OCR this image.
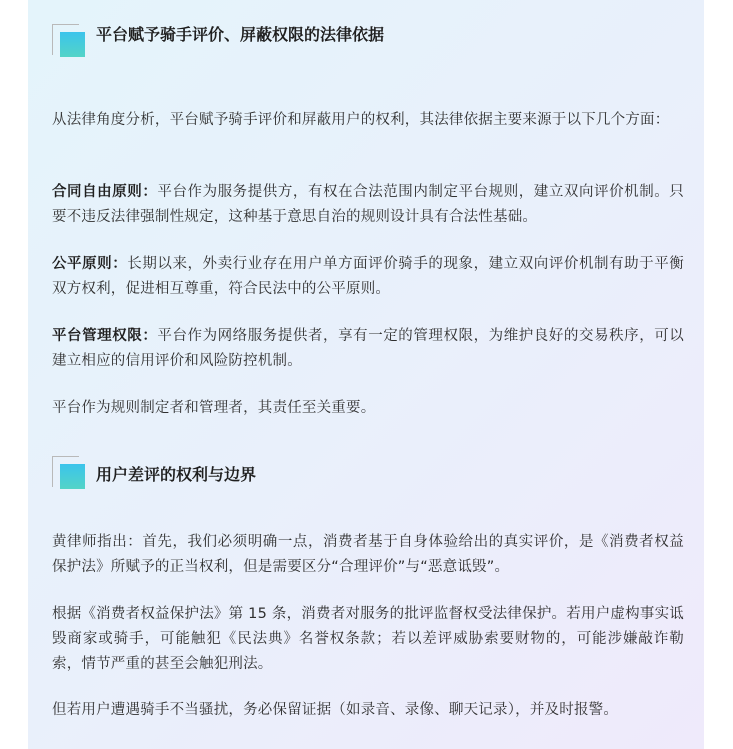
平台赋予骑手评价、屏蔽权限的法律依据

从法律角度分析，平台赋予骑手评价和屏蔽用户的权利，其法律依据主要来源于以下几个方面：

合同自由原则：平台作为服务提供方，有权在合法范围内制定平台规则，建立双向评价机制。只要不违反法律强制性规定，这种基于意思自治的规则设计具有合法性基础。

公平原则：长期以来，外卖行业存在用户单方面评价骑手的现象，建立双向评价机制有助于平衡双方权利，促进相互尊重，符合民法中的公平原则。

平台管理权限：平台作为网络服务提供者，享有一定的管理权限，为维护良好的交易秩序，可以建立相应的信用评价和风险防控机制。

平台作为规则制定者和管理者，其责任至关重要。

用户差评的权利与边界

黄律师指出：首先，我们必须明确一点，消费者基于自身体验给出的真实评价，是《消费者权益保护法》所赋予的正当权利，但是需要区分“合理评价”与“恶意诋毁”。

根据《消费者权益保护法》第 15 条，消费者对服务的批评监督权受法律保护。若用户虚构事实诋毁商家或骑手，可能触犯《民法典》名誉权条款；若以差评威胁索要财物的，可能涉嫌敲诈勒索，情节严重的甚至会触犯刑法。

但若用户遭遇骑手不当骚扰，务必保留证据（如录音、录像、聊天记录），并及时报警。
